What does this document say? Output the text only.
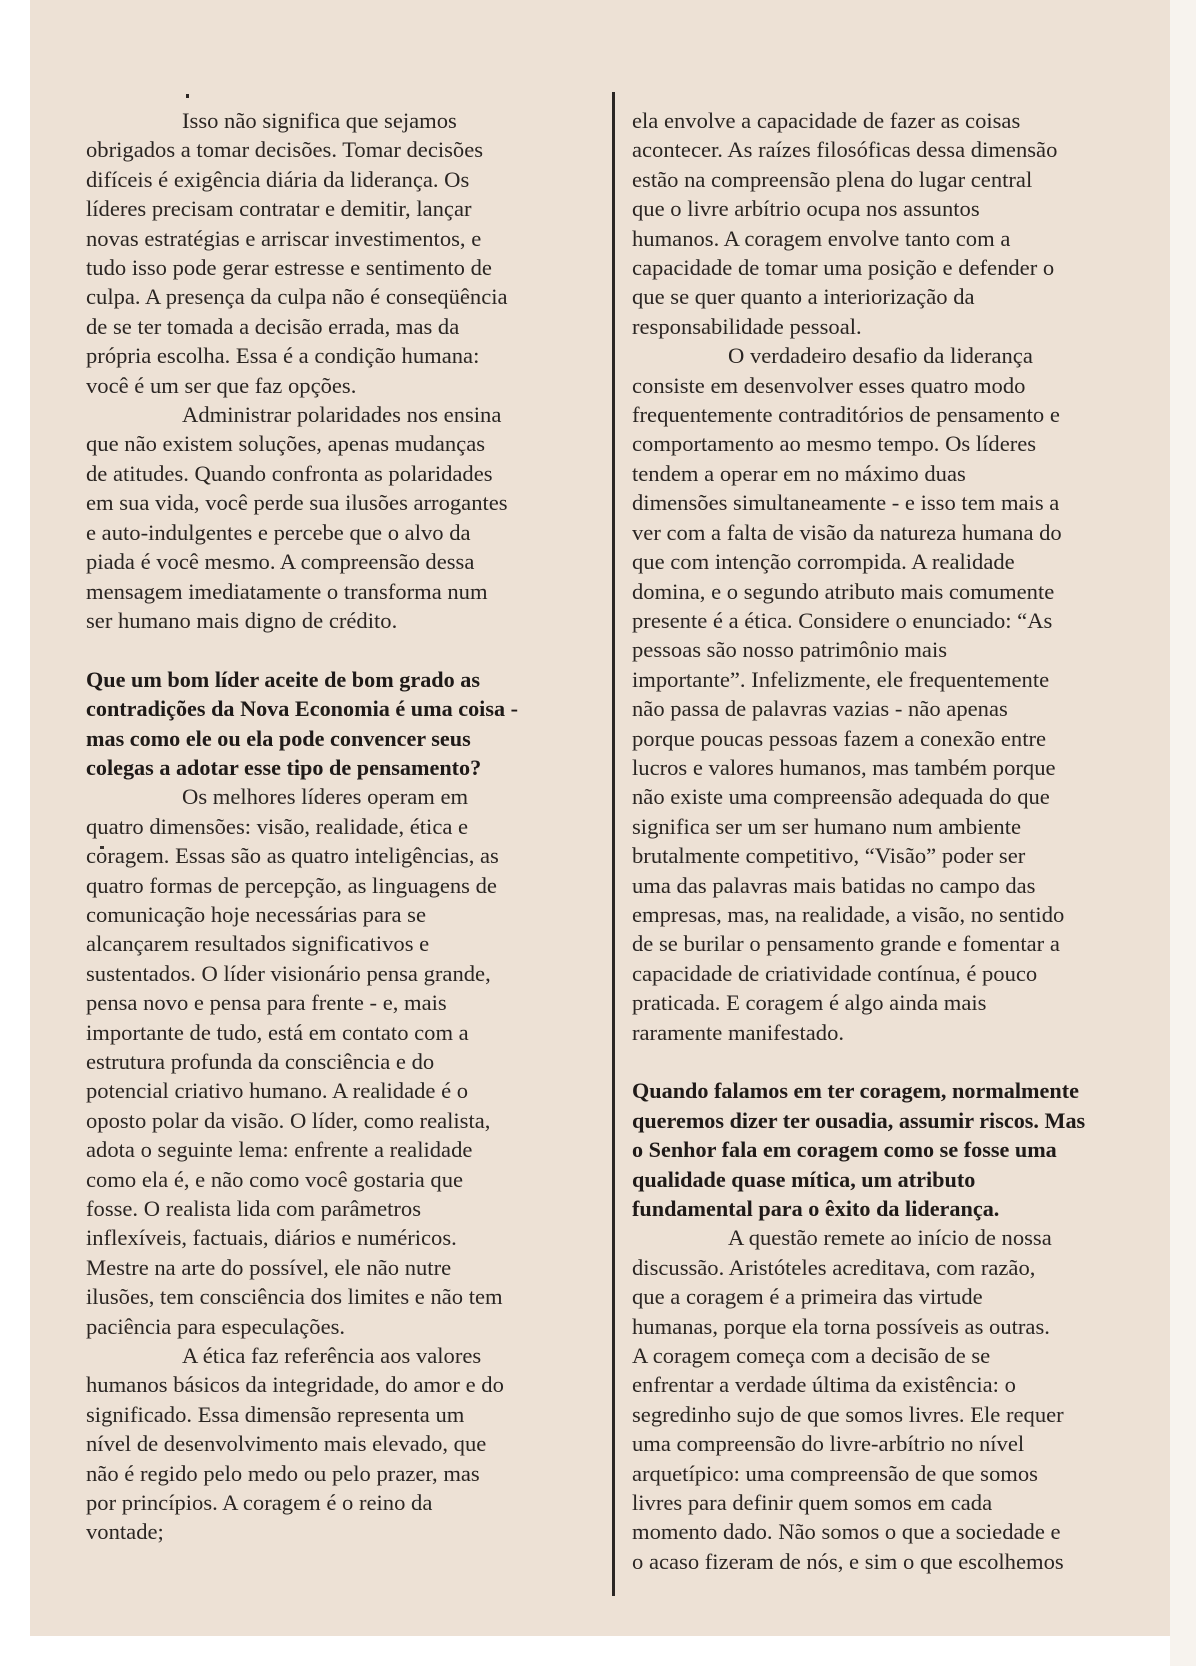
Isso não significa que sejamos
obrigados a tomar decisões. Tomar decisões
difíceis é exigência diária da liderança. Os
líderes precisam contratar e demitir, lançar
novas estratégias e arriscar investimentos, e
tudo isso pode gerar estresse e sentimento de
culpa. A presença da culpa não é conseqüência
de se ter tomada a decisão errada, mas da
própria escolha. Essa é a condição humana:
você é um ser que faz opções.

Administrar polaridades nos ensina
que não existem soluções, apenas mudanças
de atitudes. Quando confronta as polaridades
em sua vida, você perde sua ilusões arrogantes
e auto-indulgentes e percebe que o alvo da
piada é você mesmo. A compreensão dessa
mensagem imediatamente o transforma num
ser humano mais digno de crédito.

Que um bom líder aceite de bom grado as
contradições da Nova Economia é uma coisa -
mas como ele ou ela pode convencer seus
colegas a adotar esse tipo de pensamento?

Os melhores líderes operam em
quatro dimensões: visão, realidade, ética e
coragem. Essas são as quatro inteligências, as
quatro formas de percepção, as linguagens de
comunicação hoje necessárias para se
alcançarem resultados significativos e
sustentados. O líder visionário pensa grande,
pensa novo e pensa para frente - e, mais
importante de tudo, está em contato com a
estrutura profunda da consciência e do
potencial criativo humano. A realidade é o
oposto polar da visão. O líder, como realista,
adota o seguinte lema: enfrente a realidade
como ela é, e não como você gostaria que
fosse. O realista lida com parâmetros
inflexíveis, factuais, diários e numéricos.
Mestre na arte do possível, ele não nutre
ilusões, tem consciência dos limites e não tem
paciência para especulações.

A ética faz referência aos valores
humanos básicos da integridade, do amor e do
significado. Essa dimensão representa um
nível de desenvolvimento mais elevado, que
não é regido pelo medo ou pelo prazer, mas
por princípios. A coragem é o reino da
vontade;

ela envolve a capacidade de fazer as coisas
acontecer. As raízes filosóficas dessa dimensão
estão na compreensão plena do lugar central
que o livre arbítrio ocupa nos assuntos
humanos. A coragem envolve tanto com a
capacidade de tomar uma posição e defender o
que se quer quanto a interiorização da
responsabilidade pessoal.

O verdadeiro desafio da liderança
consiste em desenvolver esses quatro modo
frequentemente contraditórios de pensamento e
comportamento ao mesmo tempo. Os líderes
tendem a operar em no máximo duas
dimensões simultaneamente - e isso tem mais a
ver com a falta de visão da natureza humana do
que com intenção corrompida. A realidade
domina, e o segundo atributo mais comumente
presente é a ética. Considere o enunciado: “As
pessoas são nosso patrimônio mais
importante”. Infelizmente, ele frequentemente
não passa de palavras vazias - não apenas
porque poucas pessoas fazem a conexão entre
lucros e valores humanos, mas também porque
não existe uma compreensão adequada do que
significa ser um ser humano num ambiente
brutalmente competitivo, “Visão” poder ser
uma das palavras mais batidas no campo das
empresas, mas, na realidade, a visão, no sentido
de se burilar o pensamento grande e fomentar a
capacidade de criatividade contínua, é pouco
praticada. E coragem é algo ainda mais
raramente manifestado.

Quando falamos em ter coragem, normalmente
queremos dizer ter ousadia, assumir riscos. Mas
o Senhor fala em coragem como se fosse uma
qualidade quase mítica, um atributo
fundamental para o êxito da liderança.

A questão remete ao início de nossa
discussão. Aristóteles acreditava, com razão,
que a coragem é a primeira das virtude
humanas, porque ela torna possíveis as outras.
A coragem começa com a decisão de se
enfrentar a verdade última da existência: o
segredinho sujo de que somos livres. Ele requer
uma compreensão do livre-arbítrio no nível
arquetípico: uma compreensão de que somos
livres para definir quem somos em cada
momento dado. Não somos o que a sociedade e
o acaso fizeram de nós, e sim o que escolhemos
